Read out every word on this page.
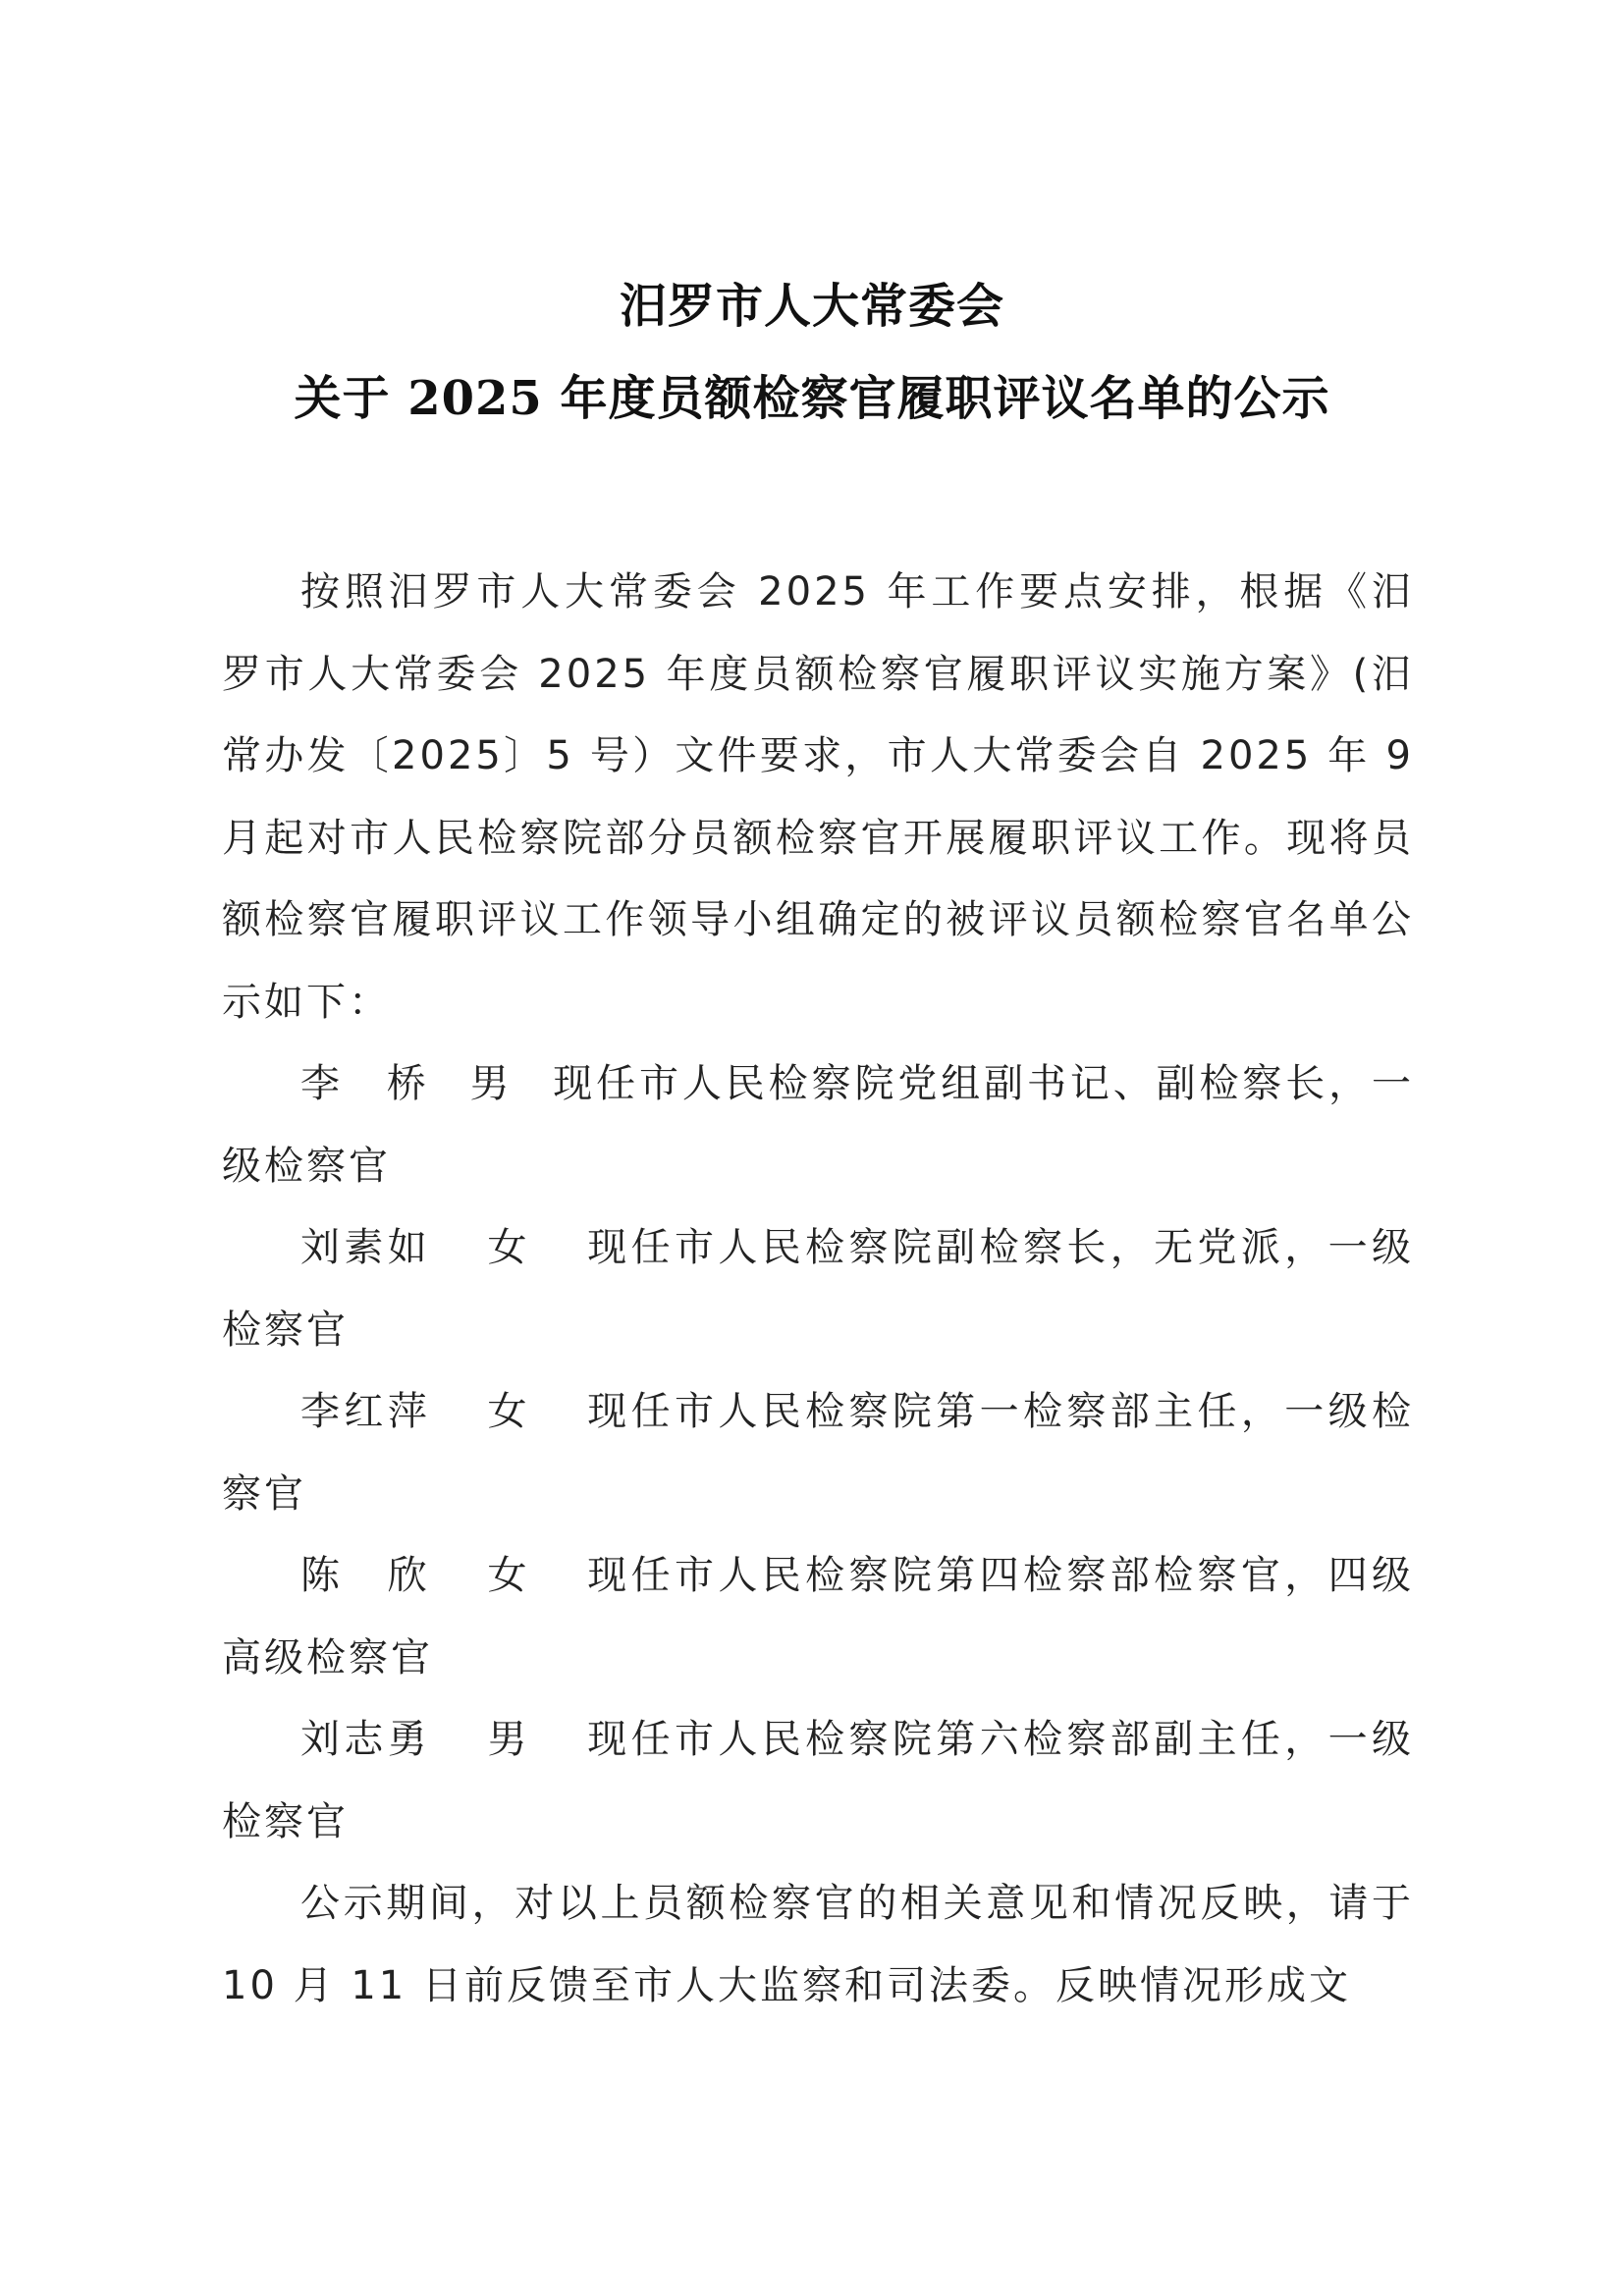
汨罗市人大常委会
关于 2025 年度员额检察官履职评议名单的公示

按照汨罗市人大常委会 2025 年工作要点安排，根据《汨罗市人大常委会 2025 年度员额检察官履职评议实施方案》(汨常办发〔2025〕5 号）文件要求，市人大常委会自 2025 年 9 月起对市人民检察院部分员额检察官开展履职评议工作。现将员额检察官履职评议工作领导小组确定的被评议员额检察官名单公示如下：

李　桥 男 现任市人民检察院党组副书记、副检察长，一级检察官

刘素如 女 现任市人民检察院副检察长，无党派，一级检察官

李红萍 女 现任市人民检察院第一检察部主任，一级检察官

陈　欣 女 现任市人民检察院第四检察部检察官，四级高级检察官

刘志勇 男 现任市人民检察院第六检察部副主任，一级检察官

公示期间，对以上员额检察官的相关意见和情况反映，请于 10 月 11 日前反馈至市人大监察和司法委。反映情况形成文
